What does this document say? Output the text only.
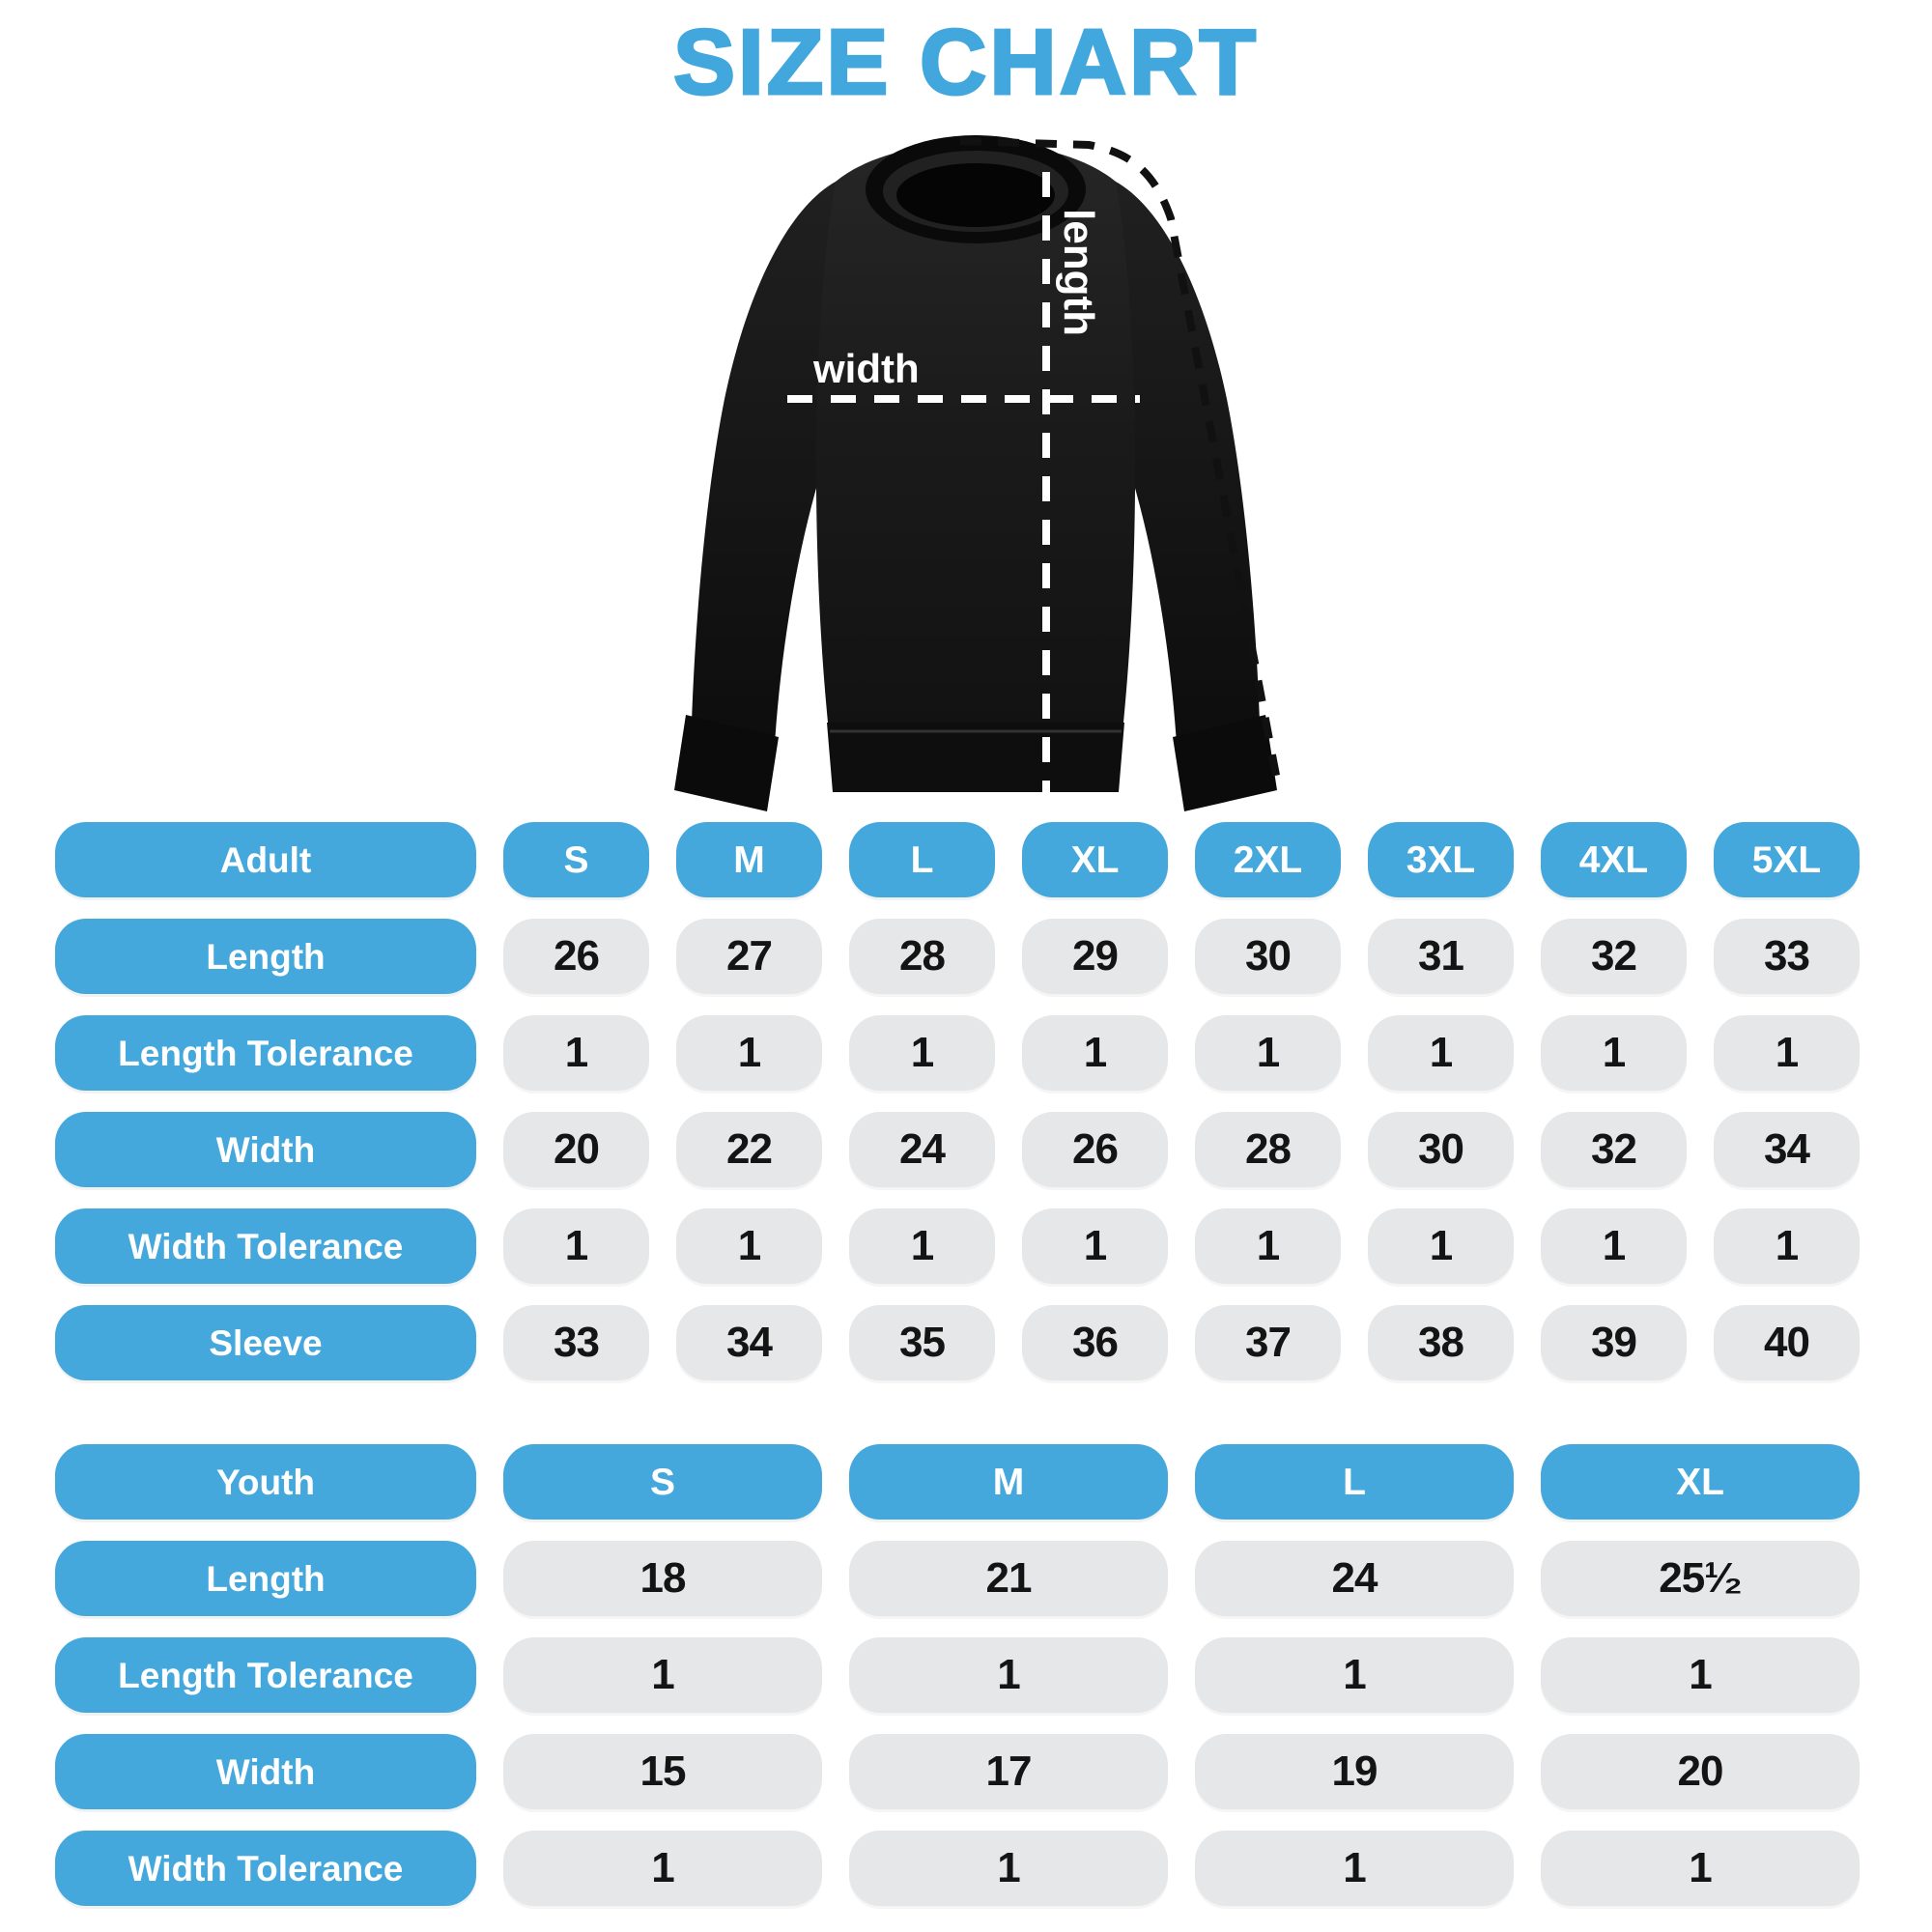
SIZE CHART
width
length
sleeve
Adult	S	M	L	XL	2XL	3XL	4XL	5XL
Length	26	27	28	29	30	31	32	33
Length Tolerance	1	1	1	1	1	1	1	1
Width	20	22	24	26	28	30	32	34
Width Tolerance	1	1	1	1	1	1	1	1
Sleeve	33	34	35	36	37	38	39	40
Youth	S	M	L	XL
Length	18	21	24	25¹⁄₂
Length Tolerance	1	1	1	1
Width	15	17	19	20
Width Tolerance	1	1	1	1
